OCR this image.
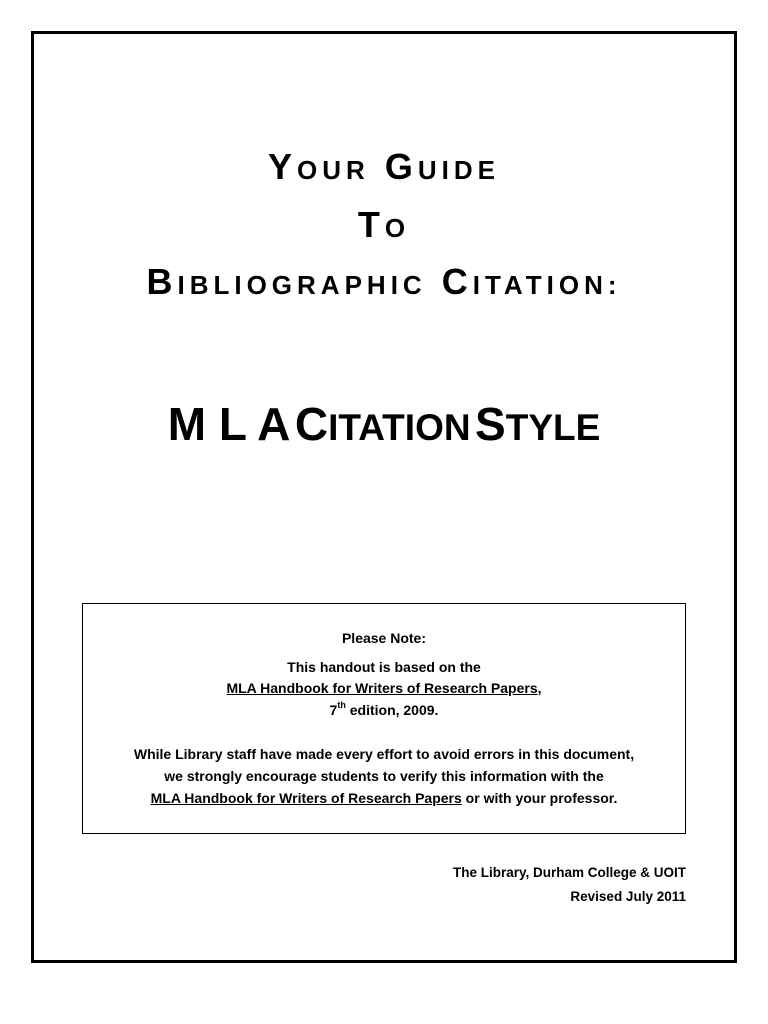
YOUR GUIDE
TO
BIBLIOGRAPHIC CITATION:
M L A CITATION STYLE

Please Note:

This handout is based on the

MLA Handbook for Writers of Research Papers,

7th edition, 2009.

While Library staff have made every effort to avoid errors in this document,

we strongly encourage students to verify this information with the

MLA Handbook for Writers of Research Papers or with your professor.

The Library, Durham College & UOIT

Revised July 2011
